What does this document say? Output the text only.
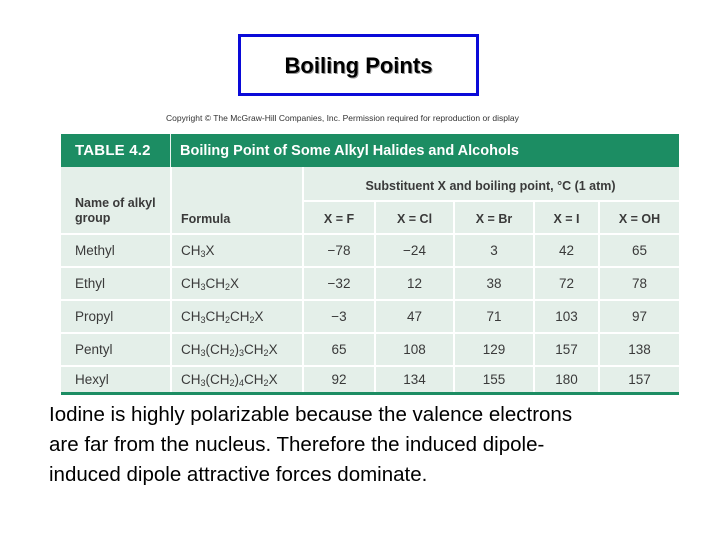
Boiling Points
Copyright © The McGraw-Hill Companies, Inc. Permission required for reproduction or display
TABLE 4.2 Boiling Point of Some Alkyl Halides and Alcohols
Name of alkyl group	Formula
Substituent X and boiling point, °C (1 atm)
X = F	X = Cl	X = Br	X = I	X = OH
Methyl	$CH_3X$	−78	−24	3	42	65
Ethyl	$CH_3CH_2X$	−32	12	38	72	78
Propyl	$CH_3CH_2CH_2X$	−3	47	71	103	97
Pentyl	$CH_3(CH_2)_3CH_2X$	65	108	129	157	138
Hexyl	$CH_3(CH_2)_4CH_2X$	92	134	155	180	157
Iodine is highly polarizable because the valence electrons
are far from the nucleus. Therefore the induced dipole-
induced dipole attractive forces dominate.
